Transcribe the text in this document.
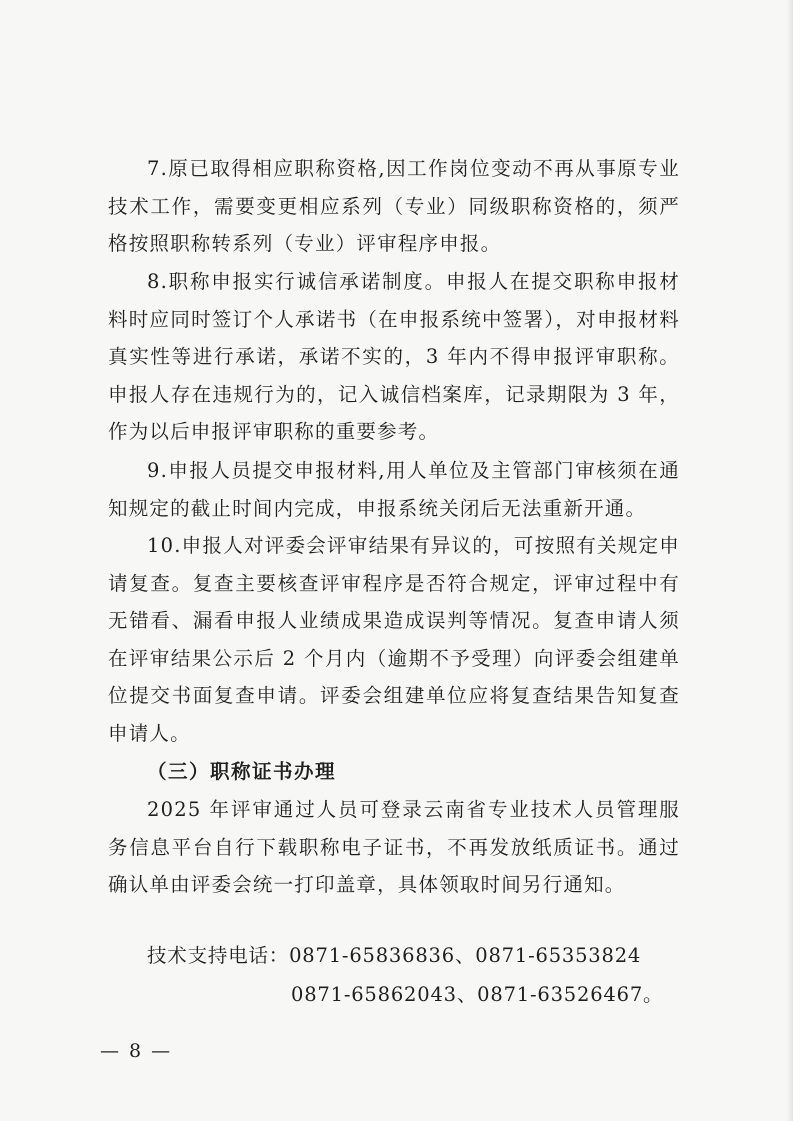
7.原已取得相应职称资格,因工作岗位变动不再从事原专业技术工作，需要变更相应系列（专业）同级职称资格的，须严格按照职称转系列（专业）评审程序申报。

8.职称申报实行诚信承诺制度。申报人在提交职称申报材料时应同时签订个人承诺书（在申报系统中签署），对申报材料真实性等进行承诺，承诺不实的，3 年内不得申报评审职称。申报人存在违规行为的，记入诚信档案库，记录期限为 3 年，作为以后申报评审职称的重要参考。

9.申报人员提交申报材料,用人单位及主管部门审核须在通知规定的截止时间内完成，申报系统关闭后无法重新开通。

10.申报人对评委会评审结果有异议的，可按照有关规定申请复查。复查主要核查评审程序是否符合规定，评审过程中有无错看、漏看申报人业绩成果造成误判等情况。复查申请人须在评审结果公示后 2 个月内（逾期不予受理）向评委会组建单位提交书面复查申请。评委会组建单位应将复查结果告知复查申请人。

（三）职称证书办理

2025 年评审通过人员可登录云南省专业技术人员管理服务信息平台自行下载职称电子证书，不再发放纸质证书。通过确认单由评委会统一打印盖章，具体领取时间另行通知。

技术支持电话：0871-65836836、0871-65353824
0871-65862043、0871-63526467。
— 8 —
